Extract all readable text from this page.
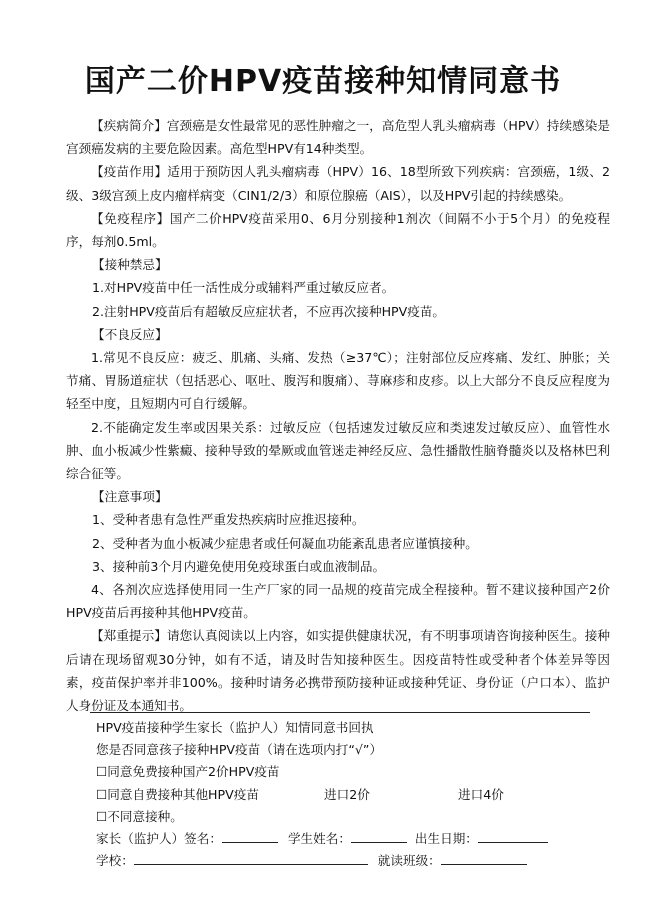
国产二价HPV疫苗接种知情同意书

【疾病简介】宫颈癌是女性最常见的恶性肿瘤之一，高危型人乳头瘤病毒（HPV）持续感染是宫颈癌发病的主要危险因素。高危型HPV有14种类型。

【疫苗作用】适用于预防因人乳头瘤病毒（HPV）16、18型所致下列疾病：宫颈癌，1级、2级、3级宫颈上皮内瘤样病变（CIN1/2/3）和原位腺癌（AIS），以及HPV引起的持续感染。

【免疫程序】国产二价HPV疫苗采用0、6月分别接种1剂次（间隔不小于5个月）的免疫程序，每剂0.5ml。

【接种禁忌】

1.对HPV疫苗中任一活性成分或辅料严重过敏反应者。

2.注射HPV疫苗后有超敏反应症状者，不应再次接种HPV疫苗。

【不良反应】

1.常见不良反应：疲乏、肌痛、头痛、发热（≥37℃）；注射部位反应疼痛、发红、肿胀；关节痛、胃肠道症状（包括恶心、呕吐、腹泻和腹痛）、荨麻疹和皮疹。以上大部分不良反应程度为轻至中度，且短期内可自行缓解。

2.不能确定发生率或因果关系：过敏反应（包括速发过敏反应和类速发过敏反应）、血管性水肿、血小板减少性紫癜、接种导致的晕厥或血管迷走神经反应、急性播散性脑脊髓炎以及格林巴利综合征等。

【注意事项】

1、受种者患有急性严重发热疾病时应推迟接种。

2、受种者为血小板减少症患者或任何凝血功能紊乱患者应谨慎接种。

3、接种前3个月内避免使用免疫球蛋白或血液制品。

4、各剂次应选择使用同一生产厂家的同一品规的疫苗完成全程接种。暂不建议接种国产2价HPV疫苗后再接种其他HPV疫苗。

【郑重提示】请您认真阅读以上内容，如实提供健康状况，有不明事项请咨询接种医生。接种后请在现场留观30分钟，如有不适，请及时告知接种医生。因疫苗特性或受种者个体差异等因素，疫苗保护率并非100%。接种时请务必携带预防接种证或接种凭证、身份证（户口本）、监护人身份证及本通知书。

HPV疫苗接种学生家长（监护人）知情同意书回执
您是否同意孩子接种HPV疫苗（请在选项内打“√”）
☐同意免费接种国产2价HPV疫苗
☐同意自费接种其他HPV疫苗	进口2价	进口4价
☐不同意接种。
家长（监护人）签名：	学生姓名：	出生日期：
学校：	就读班级：
